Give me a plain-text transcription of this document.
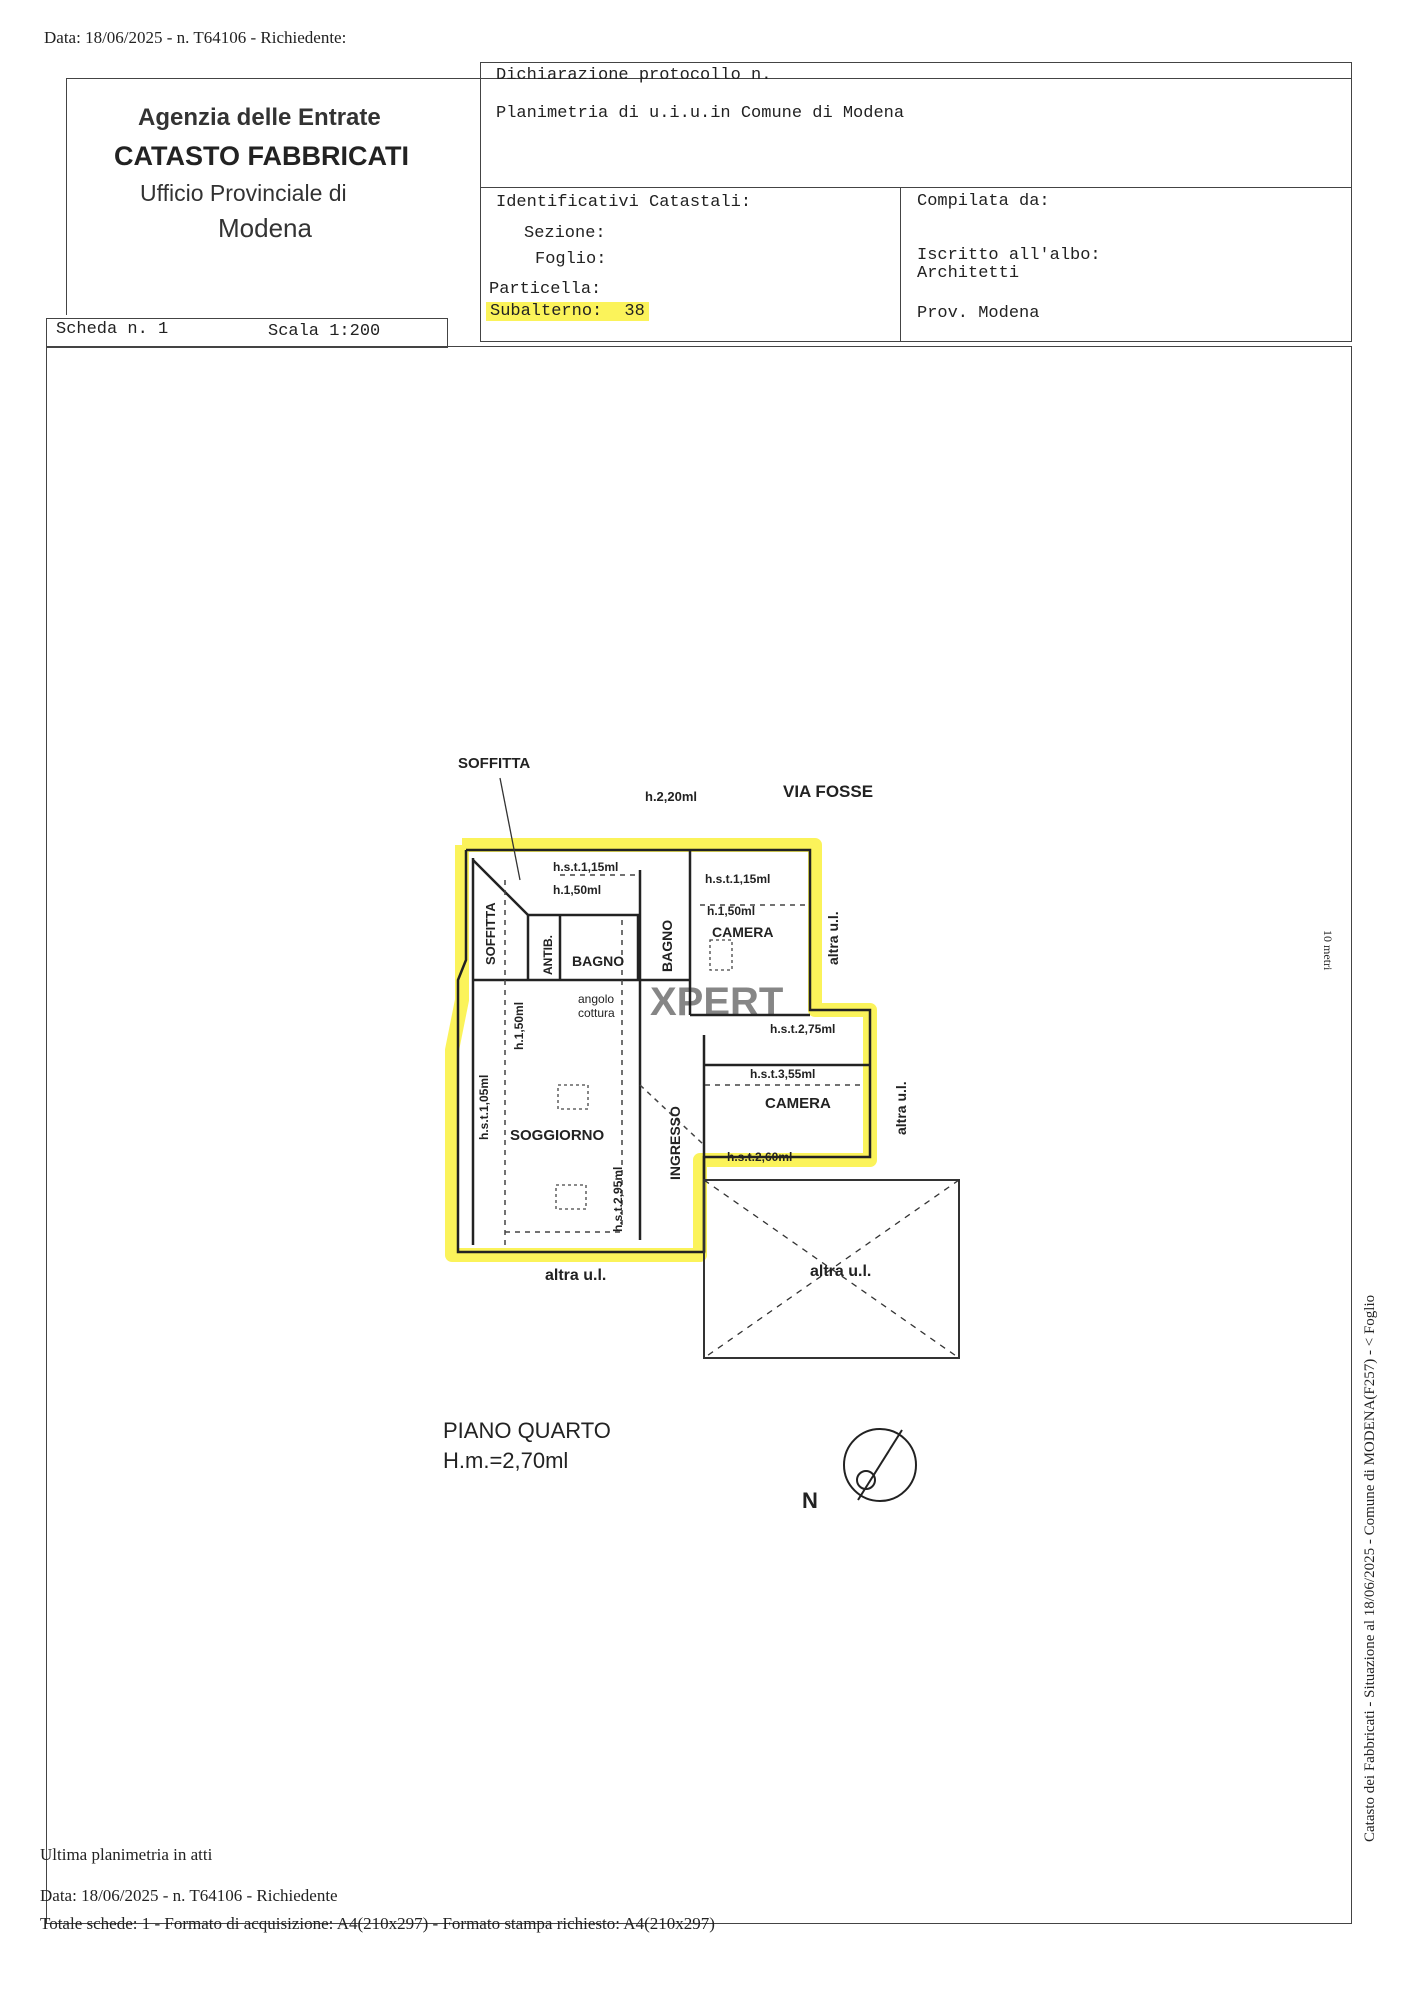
Data: 18/06/2025 - n. T64106 - Richiedente:
Agenzia delle Entrate
CATASTO FABBRICATI
Ufficio Provinciale di
Modena
Dichiarazione protocollo n.
Planimetria di u.i.u.in Comune di Modena
Identificativi Catastali:
Sezione:
Foglio:
Particella:
Subalterno: 38
Compilata da:
Iscritto all'albo:
Architetti
Prov. Modena
Scheda n. 1	Scala 1:200
10 metri
Catasto dei Fabbricati - Situazione al 18/06/2025 - Comune di MODENA(F257) - < Foglio
SOFFITTA
h.2,20ml	VIA FOSSE
h.s.t.1,15ml
h.1,50ml
SOFFITTA	ANTIB. BAGNO BAGNO
h.s.t.1,15ml
h.1,50ml
CAMERA	altra u.l.
angolo
cottura
h.1,50ml	h.s.t.2,75ml
h.s.t.3,55ml
CAMERA	altra u.l.
h.s.t.1,05ml SOGGIORNO	INGRESSO
h.s.t.2,95ml
h.s.t.2,60ml
altra u.l.	altra u.l.
PIANO QUARTO
H.m.=2,70ml
N
XPERT
Ultima planimetria in atti
Data: 18/06/2025 - n. T64106 - Richiedente
Totale schede: 1 - Formato di acquisizione: A4(210x297) - Formato stampa richiesto: A4(210x297)
